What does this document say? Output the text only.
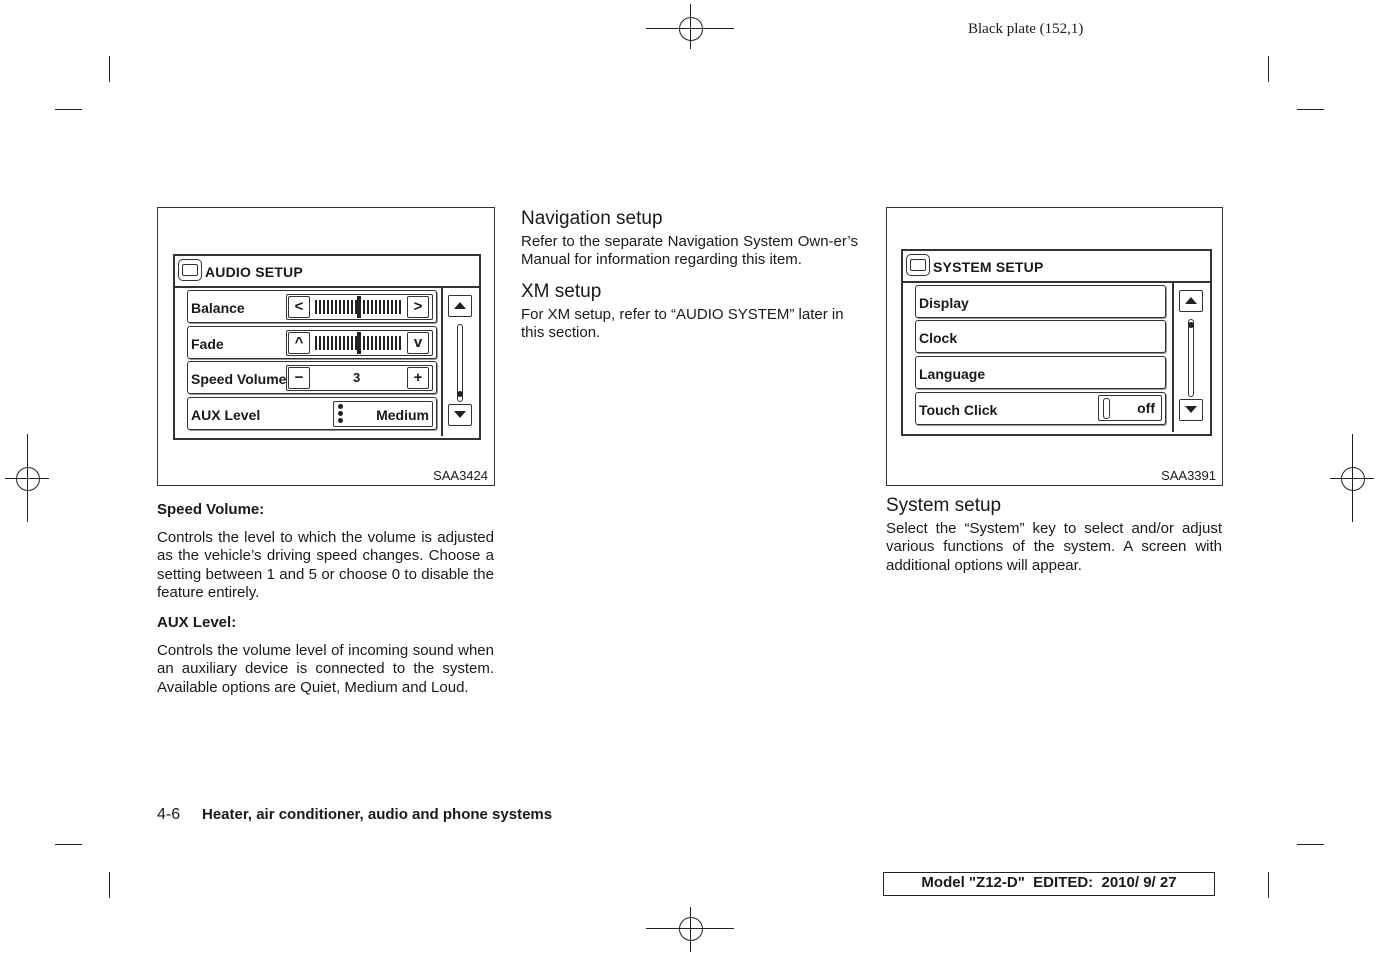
Black plate (152,1)
AUDIO SETUP
Balance	<	>
Fade	^	v
Speed Volume −	3	+
AUX Level	Medium
SAA3424
SYSTEM SETUP
Display
Clock
Language
Touch Click	off
SAA3391
Speed Volume:
Controls the level to which the volume is adjusted as the vehicle’s driving speed changes. Choose a setting between 1 and 5 or choose 0 to disable the feature entirely.
AUX Level:
Controls the volume level of incoming sound when an auxiliary device is connected to the system. Available options are Quiet, Medium and Loud.
Navigation setup
Refer to the separate Navigation System Own-er’s Manual for information regarding this item.
XM setup
For XM setup, refer to “AUDIO SYSTEM” later in this section.
System setup
Select the “System” key to select and/or adjust various functions of the system. A screen with additional options will appear.
4-6 Heater, air conditioner, audio and phone systems
Model "Z12-D"  EDITED:  2010/ 9/ 27
